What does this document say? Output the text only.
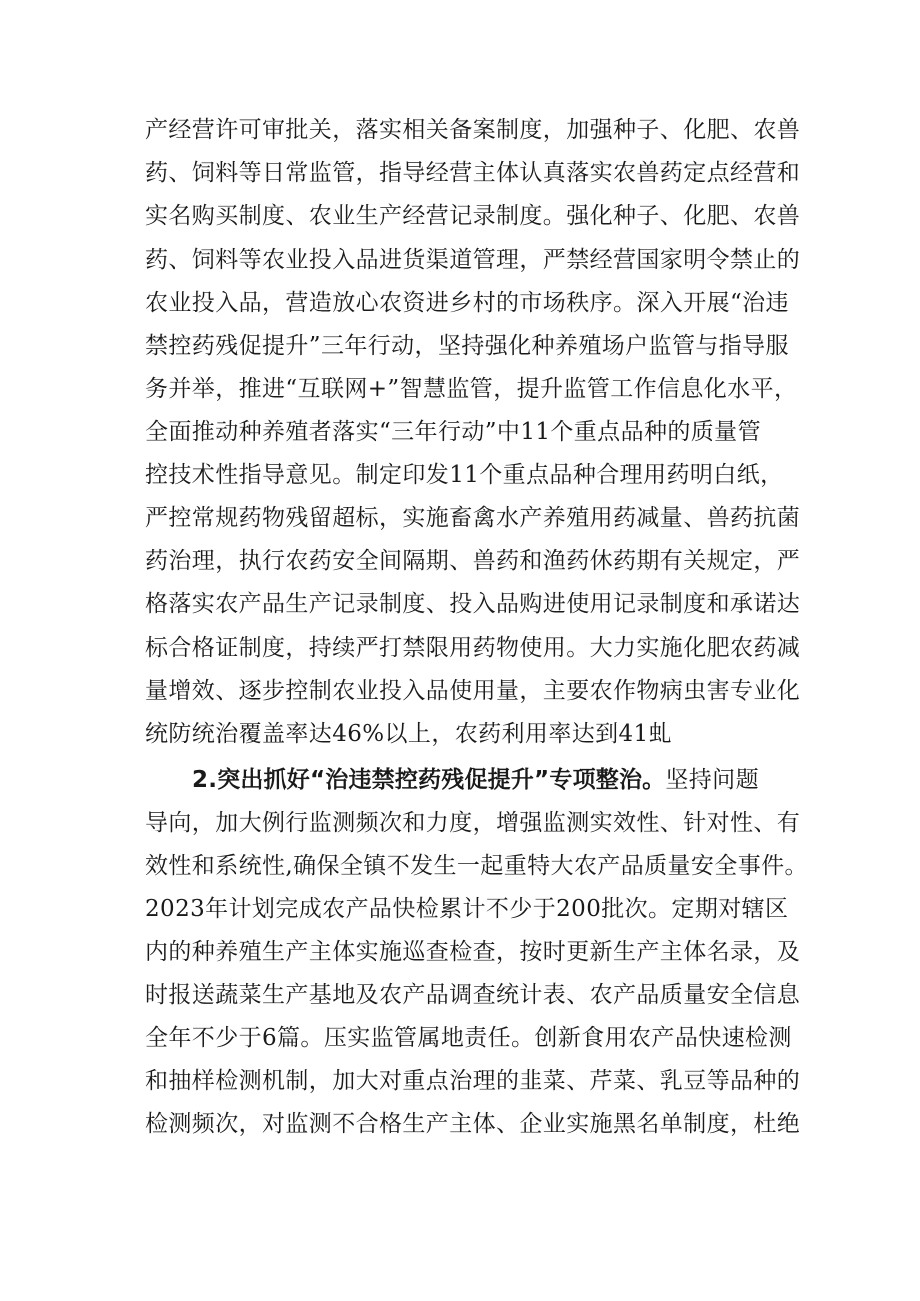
产经营许可审批关，落实相关备案制度，加强种子、化肥、农兽
药、饲料等日常监管，指导经营主体认真落实农兽药定点经营和
实名购买制度、农业生产经营记录制度。强化种子、化肥、农兽
药、饲料等农业投入品进货渠道管理，严禁经营国家明令禁止的
农业投入品，营造放心农资进乡村的市场秩序。深入开展“治违
禁控药残促提升”三年行动，坚持强化种养殖场户监管与指导服
务并举，推进“互联网+”智慧监管，提升监管工作信息化水平，
全面推动种养殖者落实“三年行动”中11个重点品种的质量管
控技术性指导意见。制定印发11个重点品种合理用药明白纸，
严控常规药物残留超标，实施畜禽水产养殖用药减量、兽药抗菌
药治理，执行农药安全间隔期、兽药和渔药休药期有关规定，严
格落实农产品生产记录制度、投入品购进使用记录制度和承诺达
标合格证制度，持续严打禁限用药物使用。大力实施化肥农药减
量增效、逐步控制农业投入品使用量，主要农作物病虫害专业化
统防统治覆盖率达46%以上，农药利用率达到41虬
2.突出抓好“治违禁控药残促提升”专项整治。坚持问题
导向，加大例行监测频次和力度，增强监测实效性、针对性、有
效性和系统性,确保全镇不发生一起重特大农产品质量安全事件。
2023年计划完成农产品快检累计不少于200批次。定期对辖区
内的种养殖生产主体实施巡查检查，按时更新生产主体名录，及
时报送蔬菜生产基地及农产品调查统计表、农产品质量安全信息
全年不少于6篇。压实监管属地责任。创新食用农产品快速检测
和抽样检测机制，加大对重点治理的韭菜、芹菜、乳豆等品种的
检测频次，对监测不合格生产主体、企业实施黑名单制度，杜绝
